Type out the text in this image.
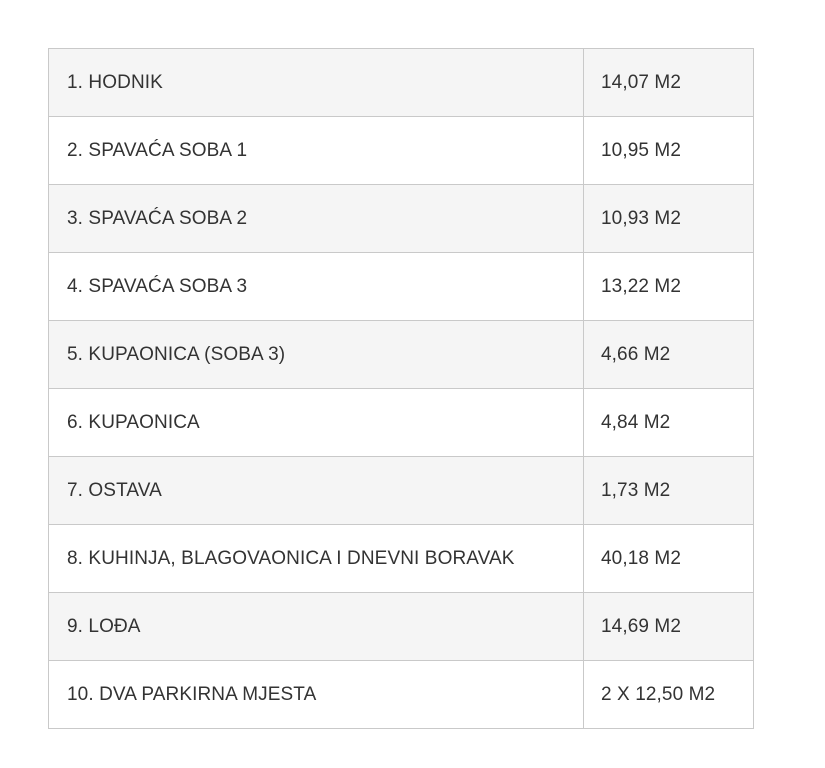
1. HODNIK	14,07 M2
2. SPAVAĆA SOBA 1	10,95 M2
3. SPAVAĆA SOBA 2	10,93 M2
4. SPAVAĆA SOBA 3	13,22 M2
5. KUPAONICA (SOBA 3)	4,66 M2
6. KUPAONICA	4,84 M2
7. OSTAVA	1,73 M2
8. KUHINJA, BLAGOVAONICA I DNEVNI BORAVAK	40,18 M2
9. LOĐA	14,69 M2
10. DVA PARKIRNA MJESTA	2 X 12,50 M2
